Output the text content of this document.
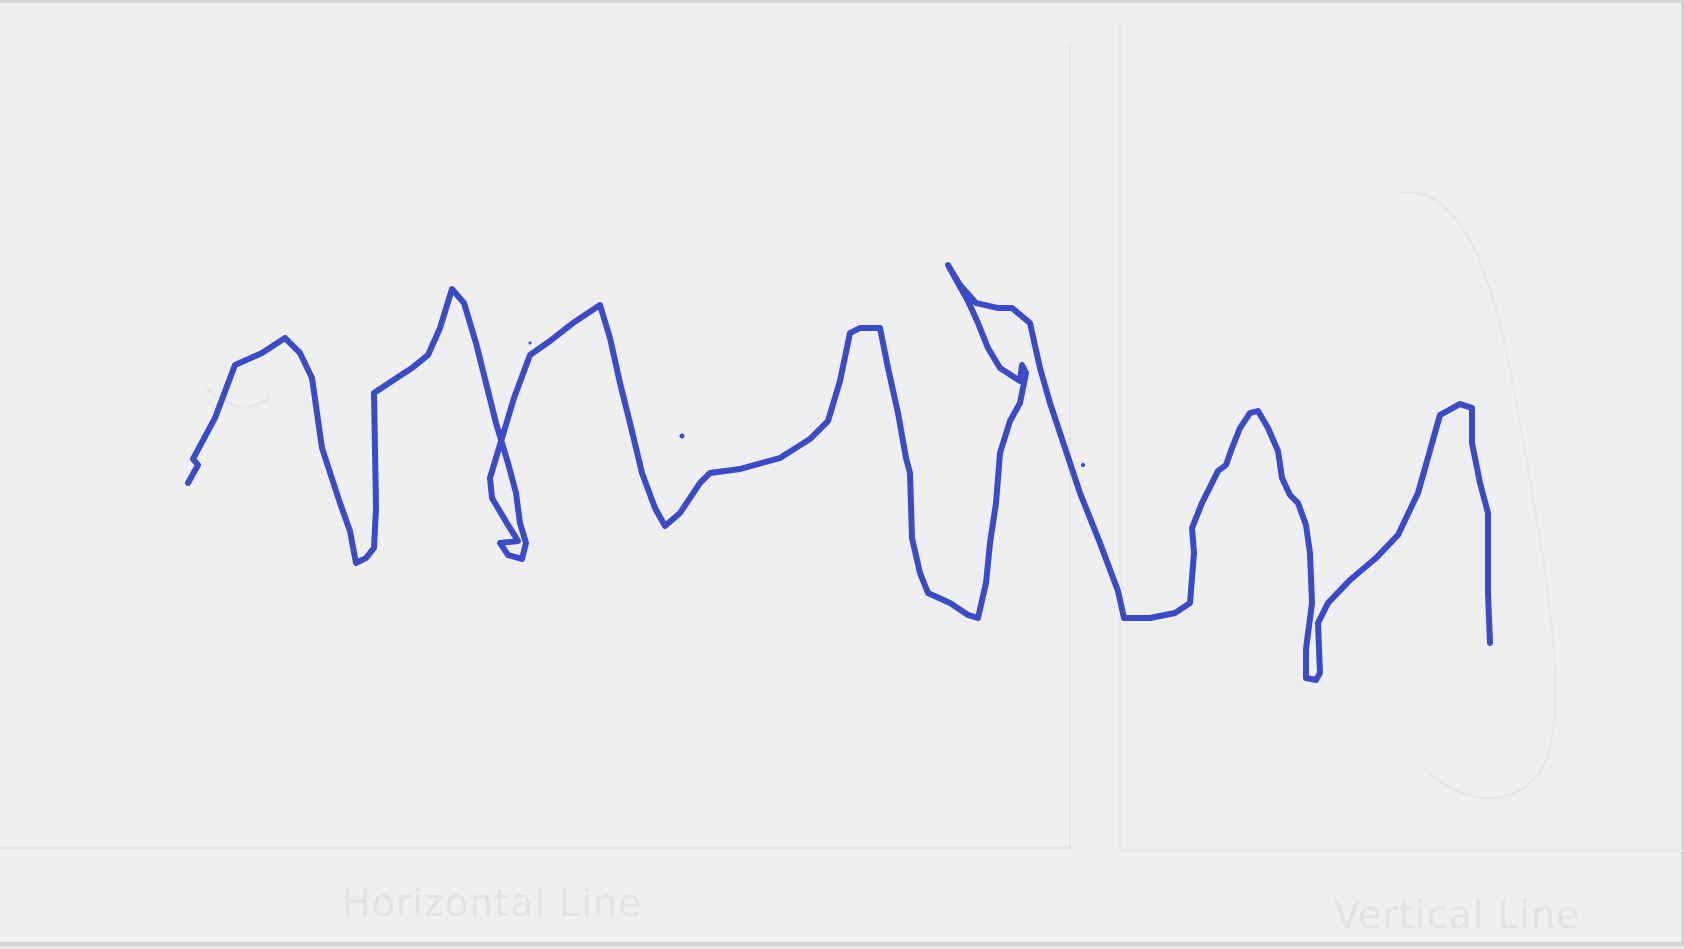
Horizontal Line	Vertical Line
